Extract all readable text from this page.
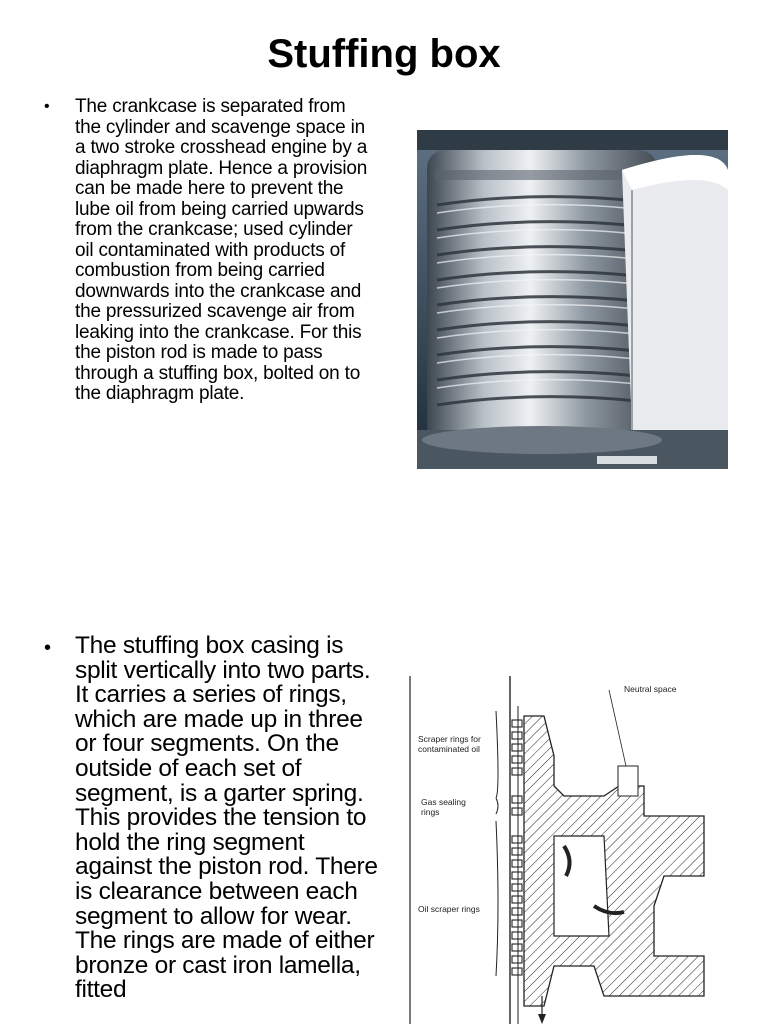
Stuffing box
• The crankcase is separated from the cylinder and scavenge space in a two stroke crosshead engine by a diaphragm plate. Hence a provision can be made here to prevent the lube oil from being carried upwards from the crankcase; used cylinder oil contaminated with products of combustion from being carried downwards into the crankcase and the pressurized scavenge air from leaking into the crankcase. For this the piston rod is made to pass through a stuffing box, bolted on to the diaphragm plate.
• The stuffing box casing is split vertically into two parts. It carries a series of rings, which are made up in three or four segments. On the outside of each set of segment, is a garter spring. This provides the tension to hold the ring segment against the piston rod. There is clearance between each segment to allow for wear. The rings are made of either bronze or cast iron lamella, fitted
Neutral space
Scraper rings for contaminated oil
Gas sealing rings
Oil scraper rings
